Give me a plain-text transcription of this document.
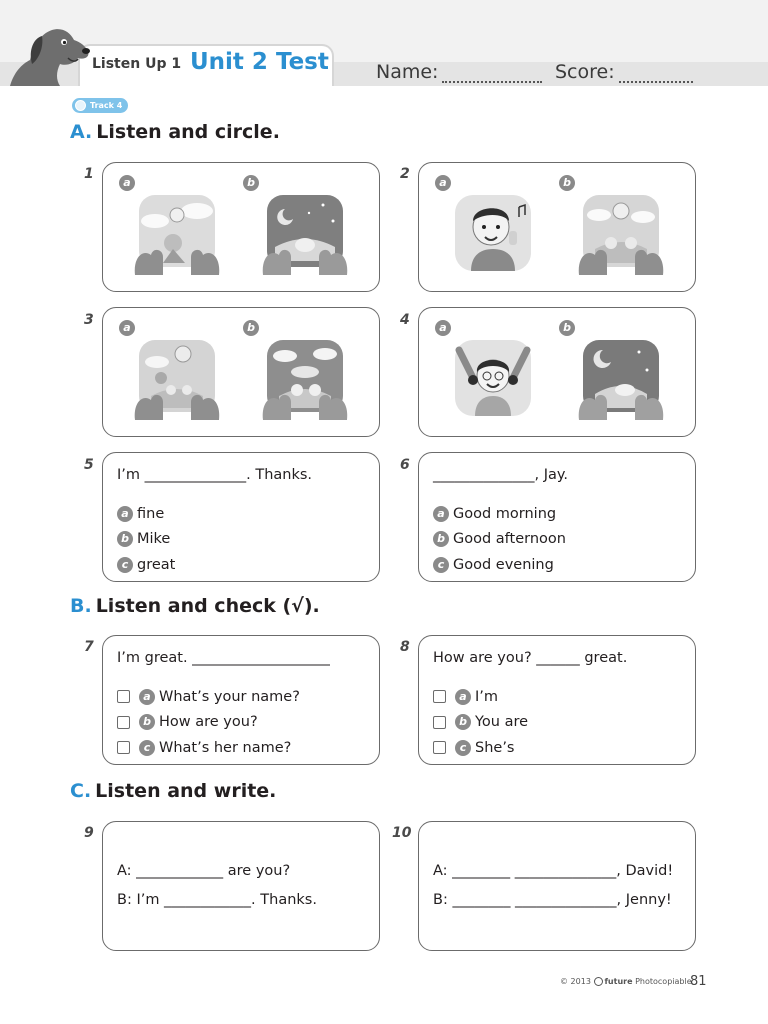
Listen Up 1 Unit 2 Test Name:	Score:
Track 4
A. Listen and circle.
1
a	b
2
a	b
3	a	b	4	a	b
5
I’m ______________. Thanks.
a fine
b Mike
c great
6
______________, Jay.
a Good morning
b Good afternoon
c Good evening
B. Listen and check (√).
7
I’m great. ___________________
a What’s your name?
b How are you?
c What’s her name?
8
How are you? ______ great.
a I’m
b You are
c She’s
C. Listen and write.
9
A: ____________ are you?
B: I’m ____________. Thanks.
10
A: ________ ______________, David!
B: ________ ______________, Jenny!
© 2013 future Photocopiable
81
